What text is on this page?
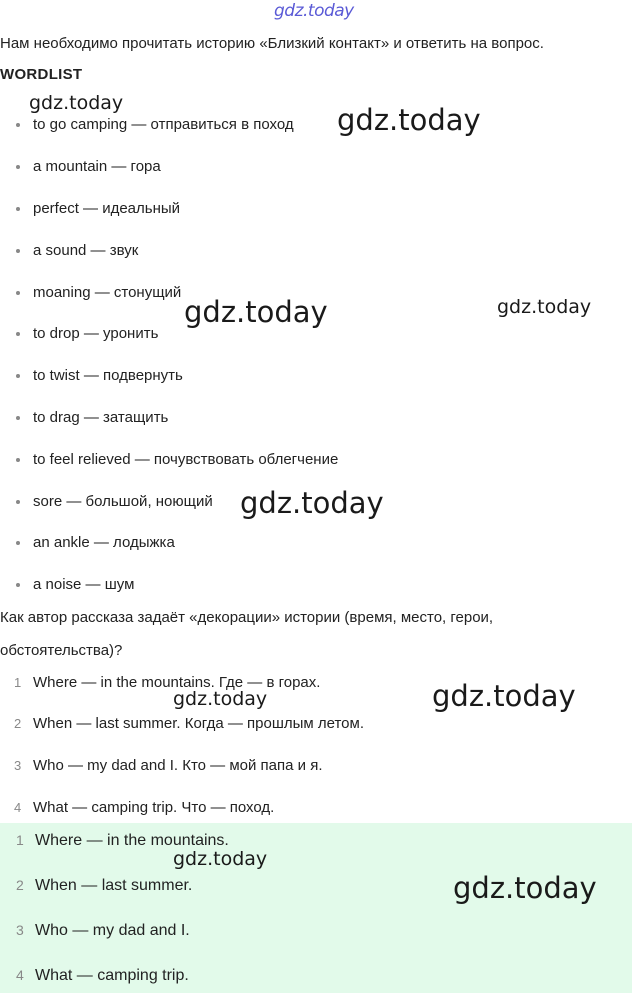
gdz.today
Нам необходимо прочитать историю «Близкий контакт» и ответить на вопрос.
WORDLIST
to go camping — отправиться в поход
a mountain — гора
perfect — идеальный
a sound — звук
moaning — стонущий
to drop — уронить
to twist — подвернуть
to drag — затащить
to feel relieved — почувствовать облегчение
sore — большой, ноющий
an ankle — лодыжка
a noise — шум
Как автор рассказа задаёт «декорации» истории (время, место, герои,
обстоятельства)?
1 Where — in the mountains. Где — в горах.
2 When — last summer. Когда — прошлым летом.
3 Who — my dad and I. Кто — мой папа и я.
4 What — camping trip. Что — поход.
1 Where — in the mountains.
2 When — last summer.
3 Who — my dad and I.
4 What — camping trip.
gdz.today	gdz.today
gdz.today	gdz.today
gdz.today
gdz.today	gdz.today
gdz.today
gdz.today
